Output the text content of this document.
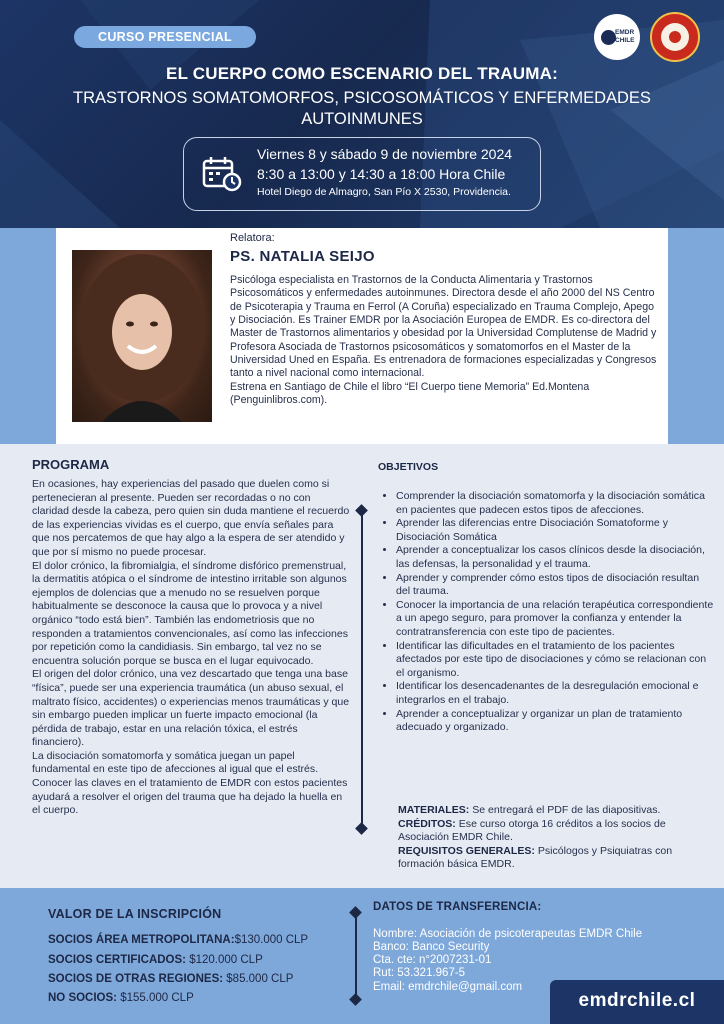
CURSO PRESENCIAL	EMDR
CHILE
EL CUERPO COMO ESCENARIO DEL TRAUMA:
TRASTORNOS SOMATOMORFOS, PSICOSOMÁTICOS Y ENFERMEDADES AUTOINMUNES
Viernes 8 y sábado 9 de noviembre 2024
8:30 a 13:00 y 14:30 a 18:00 Hora Chile
Hotel Diego de Almagro, San Pío X 2530, Providencia.
Relatora:
PS. NATALIA SEIJO
Psicóloga especialista en Trastornos de la Conducta Alimentaria y Trastornos Psicosomáticos y enfermedades autoinmunes. Directora desde el año 2000 del NS Centro de Psicoterapia y Trauma en Ferrol (A Coruña) especializado en Trauma Complejo, Apego y Disociación. Es Trainer EMDR por la Asociación Europea de EMDR. Es co-directora del Master de Trastornos alimentarios y obesidad por la Universidad Complutense de Madrid y Profesora Asociada de Trastornos psicosomáticos y somatomorfos en el Master de la Universidad Uned en España. Es entrenadora de formaciones especializadas y Congresos tanto a nivel nacional como internacional.
Estrena en Santiago de Chile el libro “El Cuerpo tiene Memoria” Ed.Montena (Penguinlibros.com).
PROGRAMA
En ocasiones, hay experiencias del pasado que duelen como si pertenecieran al presente. Pueden ser recordadas o no con claridad desde la cabeza, pero quien sin duda mantiene el recuerdo de las experiencias vividas es el cuerpo, que envía señales para que nos percatemos de que hay algo a la espera de ser atendido y que por sí mismo no puede procesar.
El dolor crónico, la fibromialgia, el síndrome disfórico premenstrual, la dermatitis atópica o el síndrome de intestino irritable son algunos ejemplos de dolencias que a menudo no se resuelven porque habitualmente se desconoce la causa que lo provoca y a nivel orgánico “todo está bien”. También las endometriosis que no responden a tratamientos convencionales, así como las infecciones por repetición como la candidiasis. Sin embargo, tal vez no se encuentra solución porque se busca en el lugar equivocado.
El origen del dolor crónico, una vez descartado que tenga una base “física”, puede ser una experiencia traumática (un abuso sexual, el maltrato físico, accidentes) o experiencias menos traumáticas y que sin embargo pueden implicar un fuerte impacto emocional (la pérdida de trabajo, estar en una relación tóxica, el estrés financiero).
La disociación somatomorfa y somática juegan un papel fundamental en este tipo de afecciones al igual que el estrés. Conocer las claves en el tratamiento de EMDR con estos pacientes ayudará a resolver el origen del trauma que ha dejado la huella en el cuerpo.
OBJETIVOS
• Comprender la disociación somatomorfa y la disociación somática en pacientes que padecen estos tipos de afecciones.
• Aprender las diferencias entre Disociación Somatoforme y Disociación Somática
• Aprender a conceptualizar los casos clínicos desde la disociación, las defensas, la personalidad y el trauma.
• Aprender y comprender cómo estos tipos de disociación resultan del trauma.
• Conocer la importancia de una relación terapéutica correspondiente a un apego seguro, para promover la confianza y entender la contratransferencia con este tipo de pacientes.
• Identificar las dificultades en el tratamiento de los pacientes afectados por este tipo de disociaciones y cómo se relacionan con el organismo.
• Identificar los desencadenantes de la desregulación emocional e integrarlos en el trabajo.
• Aprender a conceptualizar y organizar un plan de tratamiento adecuado y organizado.
MATERIALES: Se entregará el PDF de las diapositivas.
CRÉDITOS: Ese curso otorga 16 créditos a los socios de Asociación EMDR Chile.
REQUISITOS GENERALES: Psicólogos y Psiquiatras con formación básica EMDR.
VALOR DE LA INSCRIPCIÓN
SOCIOS ÁREA METROPOLITANA:$130.000 CLP
SOCIOS CERTIFICADOS: $120.000 CLP
SOCIOS DE OTRAS REGIONES: $85.000 CLP
NO SOCIOS: $155.000 CLP
DATOS DE TRANSFERENCIA:
Nombre: Asociación de psicoterapeutas EMDR Chile
Banco: Banco Security
Cta. cte: n°2007231-01
Rut: 53.321.967-5
Email: emdrchile@gmail.com
emdrchile.cl
